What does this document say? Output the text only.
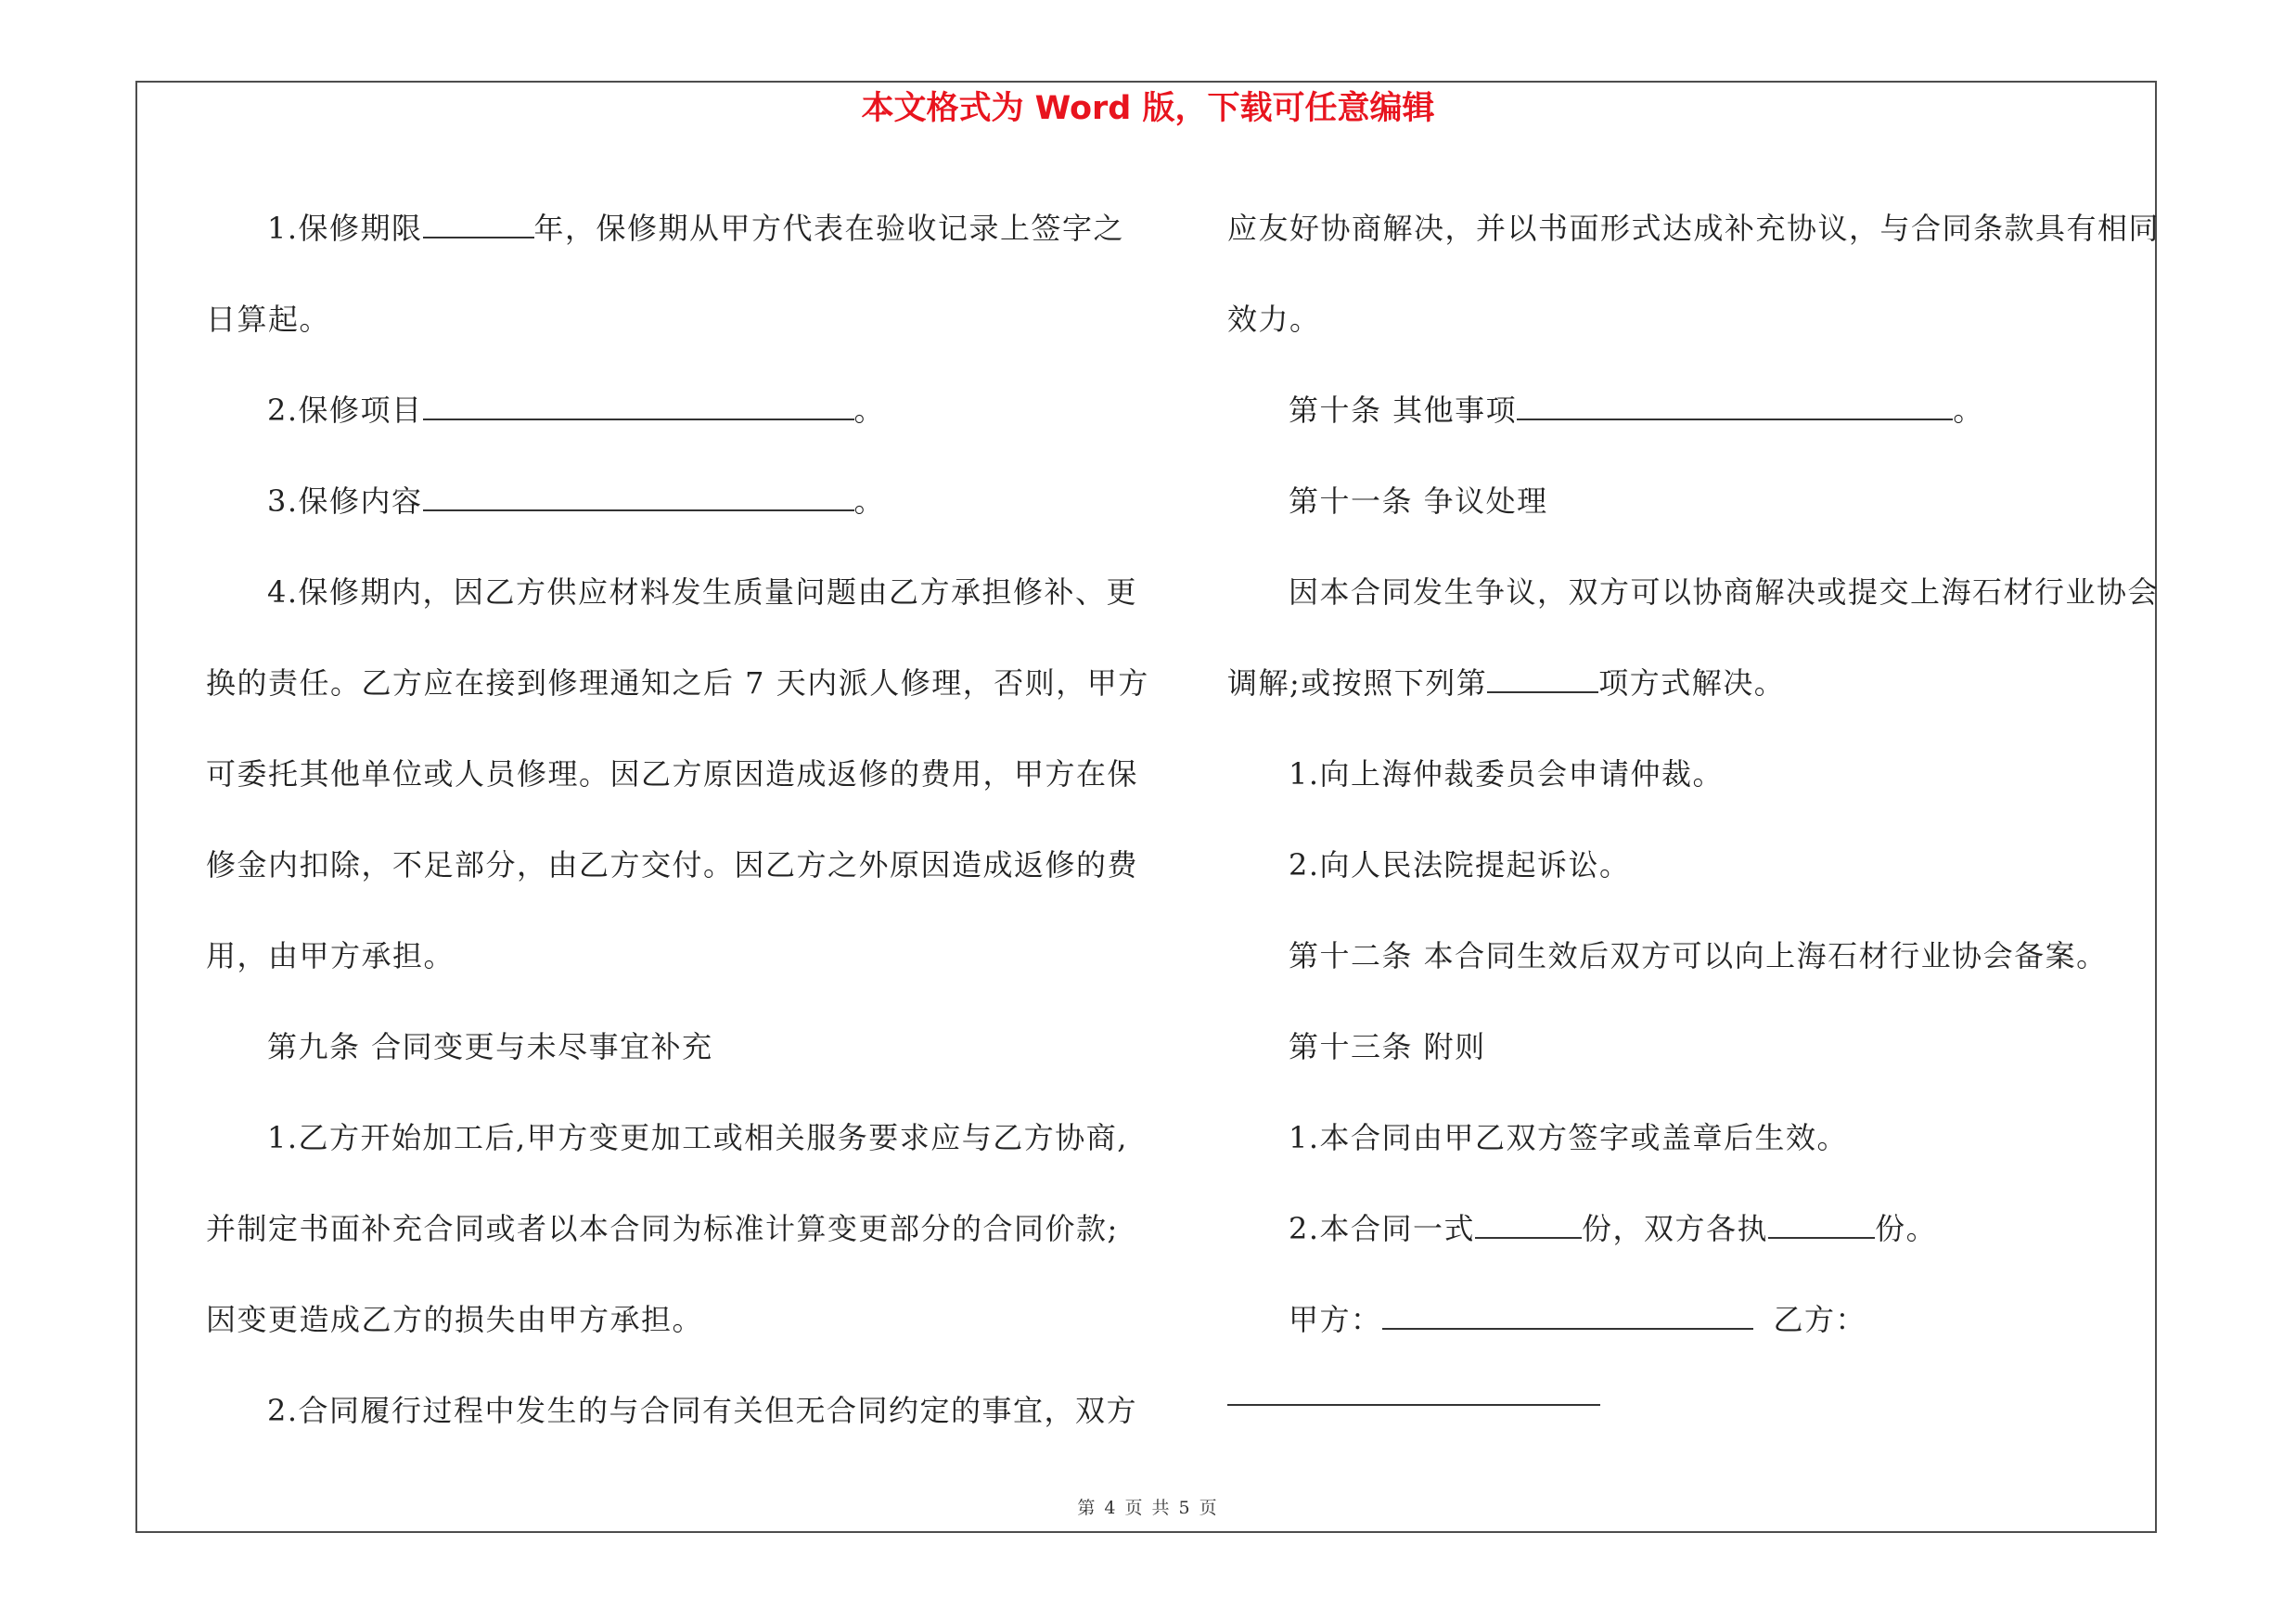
本文格式为 Word 版，下载可任意编辑

1.保修期限	年，保修期从甲方代表在验收记录上签字之

日算起。

2.保修项目	。

3.保修内容	。

4.保修期内，因乙方供应材料发生质量问题由乙方承担修补、更

换的责任。乙方应在接到修理通知之后 7 天内派人修理，否则，甲方

可委托其他单位或人员修理。因乙方原因造成返修的费用，甲方在保

修金内扣除，不足部分，由乙方交付。因乙方之外原因造成返修的费

用，由甲方承担。

第九条 合同变更与未尽事宜补充

1.乙方开始加工后,甲方变更加工或相关服务要求应与乙方协商,

并制定书面补充合同或者以本合同为标准计算变更部分的合同价款;

因变更造成乙方的损失由甲方承担。

2.合同履行过程中发生的与合同有关但无合同约定的事宜，双方

应友好协商解决，并以书面形式达成补充协议，与合同条款具有相同

效力。

第十条 其他事项	。

第十一条 争议处理

因本合同发生争议，双方可以协商解决或提交上海石材行业协会

调解;或按照下列第	项方式解决。

1.向上海仲裁委员会申请仲裁。

2.向人民法院提起诉讼。

第十二条 本合同生效后双方可以向上海石材行业协会备案。

第十三条 附则

1.本合同由甲乙双方签字或盖章后生效。

2.本合同一式	份，双方各执	份。

甲方：	乙方：

第 4 页 共 5 页
